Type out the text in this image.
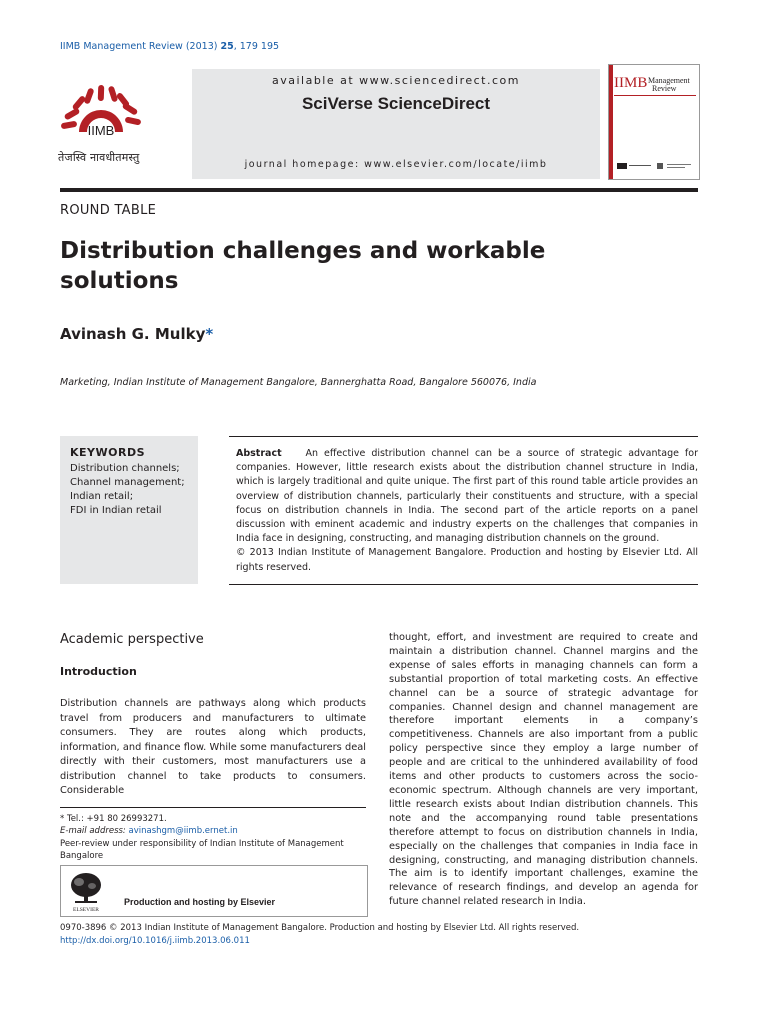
IIMB Management Review (2013) 25, 179 195
IIMB
तेजस्वि नावधीतमस्तु
available at www.sciencedirect.com
SciVerse ScienceDirect
journal homepage: www.elsevier.com/locate/iimb
IIMB Management
Review
ROUND TABLE
Distribution challenges and workable solutions
Avinash G. Mulky*
Marketing, Indian Institute of Management Bangalore, Bannerghatta Road, Bangalore 560076, India
KEYWORDS
Distribution channels;
Channel management;
Indian retail;
FDI in Indian retail
Abstract	An effective distribution channel can be a source of strategic advantage for companies. However, little research exists about the distribution channel structure in India, which is largely traditional and quite unique. The first part of this round table article provides an overview of distribution channels, particularly their constituents and structure, with a special focus on distribution channels in India. The second part of the article reports on a panel discussion with eminent academic and industry experts on the challenges that companies in India face in designing, constructing, and managing distribution channels on the ground.
© 2013 Indian Institute of Management Bangalore. Production and hosting by Elsevier Ltd. All rights reserved.
Academic perspective
Introduction
Distribution channels are pathways along which products travel from producers and manufacturers to ultimate consumers. They are routes along which products, information, and finance flow. While some manufacturers deal directly with their customers, most manufacturers use a distribution channel to take products to consumers. Considerable
thought, effort, and investment are required to create and maintain a distribution channel. Channel margins and the expense of sales efforts in managing channels can form a substantial proportion of total marketing costs. An effective channel can be a source of strategic advantage for companies. Channel design and channel management are therefore important elements in a company’s competitiveness. Channels are also important from a public policy perspective since they employ a large number of people and are critical to the unhindered availability of food items and other products to customers across the socio-economic spectrum. Although channels are very important, little research exists about Indian distribution channels. This note and the accompanying round table presentations therefore attempt to focus on distribution channels in India, especially on the challenges that companies in India face in designing, constructing, and managing distribution channels. The aim is to identify important challenges, examine the relevance of research findings, and develop an agenda for future channel related research in India.
* Tel.: +91 80 26993271.
E-mail address: avinashgm@iimb.ernet.in
Peer-review under responsibility of Indian Institute of Management Bangalore
ELSEVIER
Production and hosting by Elsevier
0970-3896 © 2013 Indian Institute of Management Bangalore. Production and hosting by Elsevier Ltd. All rights reserved.
http://dx.doi.org/10.1016/j.iimb.2013.06.011
